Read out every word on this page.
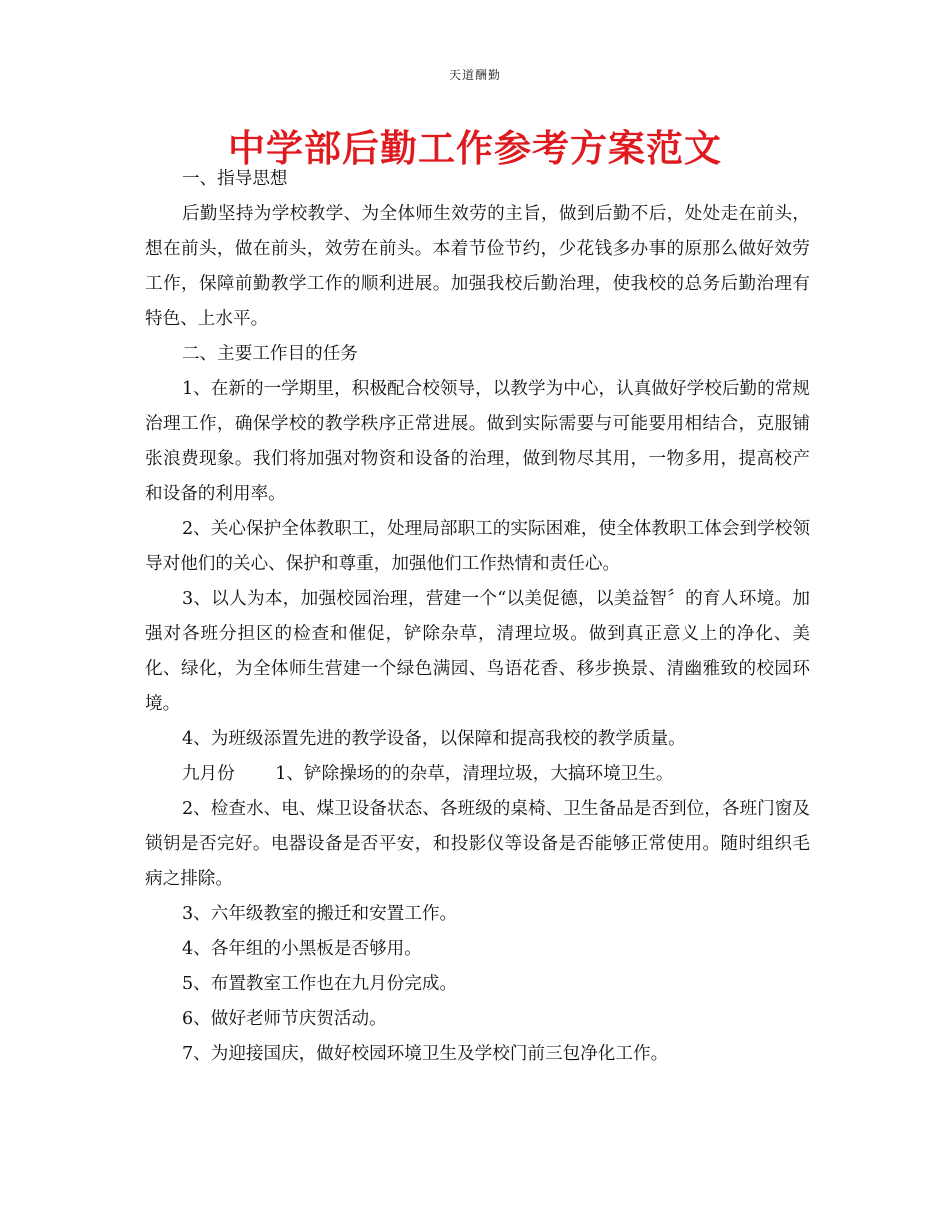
天道酬勤
中学部后勤工作参考方案范文

一、指导思想

后勤坚持为学校教学、为全体师生效劳的主旨，做到后勤不后，处处走在前头，想在前头，做在前头，效劳在前头。本着节俭节约，少花钱多办事的原那么做好效劳工作，保障前勤教学工作的顺利进展。加强我校后勤治理，使我校的总务后勤治理有特色、上水平。

二、主要工作目的任务

1、在新的一学期里，积极配合校领导，以教学为中心，认真做好学校后勤的常规治理工作，确保学校的教学秩序正常进展。做到实际需要与可能要用相结合，克服铺张浪费现象。我们将加强对物资和设备的治理，做到物尽其用，一物多用，提高校产和设备的利用率。

2、关心保护全体教职工，处理局部职工的实际困难，使全体教职工体会到学校领导对他们的关心、保护和尊重，加强他们工作热情和责任心。

3、以人为本，加强校园治理，营建一个“以美促德，以美益智〞的育人环境。加强对各班分担区的检查和催促，铲除杂草，清理垃圾。做到真正意义上的净化、美化、绿化，为全体师生营建一个绿色满园、鸟语花香、移步换景、清幽雅致的校园环境。

4、为班级添置先进的教学设备，以保障和提高我校的教学质量。

九月份 1、铲除操场的的杂草，清理垃圾，大搞环境卫生。

2、检查水、电、煤卫设备状态、各班级的桌椅、卫生备品是否到位，各班门窗及锁钥是否完好。电器设备是否平安，和投影仪等设备是否能够正常使用。随时组织毛病之排除。

3、六年级教室的搬迁和安置工作。

4、各年组的小黑板是否够用。

5、布置教室工作也在九月份完成。

6、做好老师节庆贺活动。

7、为迎接国庆，做好校园环境卫生及学校门前三包净化工作。
